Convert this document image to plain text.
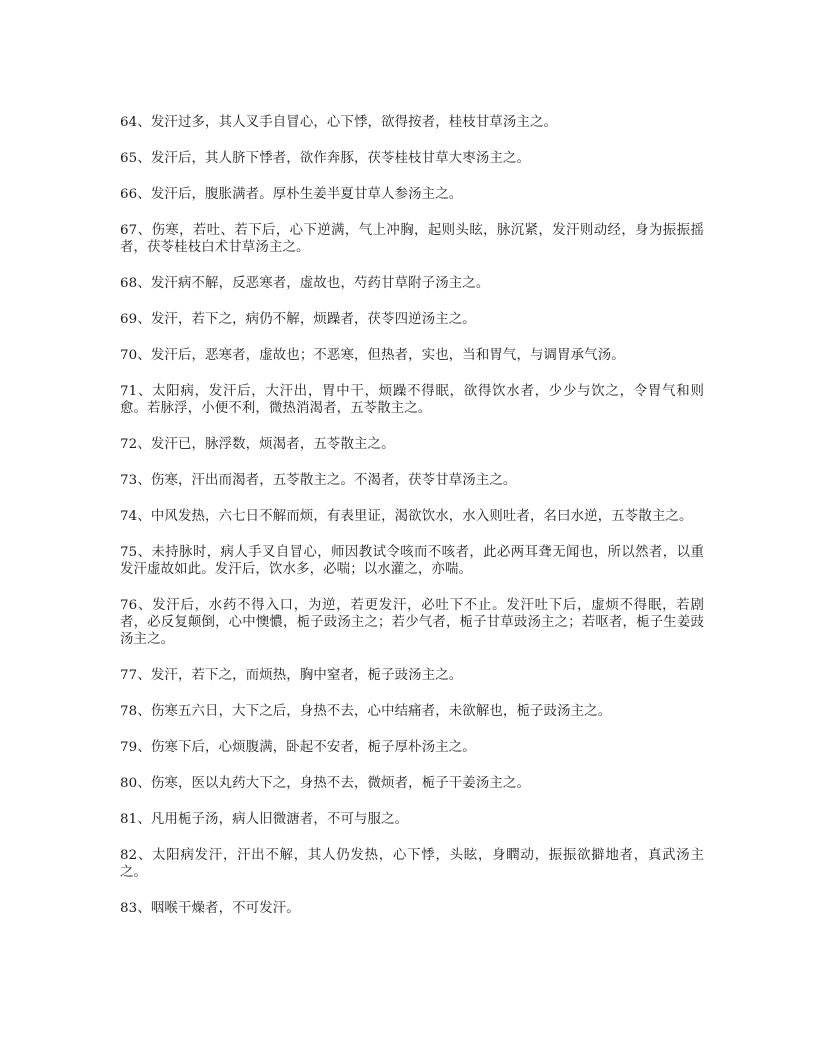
64、发汗过多，其人叉手自冒心，心下悸，欲得按者，桂枝甘草汤主之。

65、发汗后，其人脐下悸者，欲作奔豚，茯苓桂枝甘草大枣汤主之。

66、发汗后，腹胀满者。厚朴生姜半夏甘草人参汤主之。

67、伤寒，若吐、若下后，心下逆满，气上冲胸，起则头眩，脉沉紧，发汗则动经，身为振振摇者，茯苓桂枝白术甘草汤主之。

68、发汗病不解，反恶寒者，虚故也，芍药甘草附子汤主之。

69、发汗，若下之，病仍不解，烦躁者，茯苓四逆汤主之。

70、发汗后，恶寒者，虚故也；不恶寒，但热者，实也，当和胃气，与调胃承气汤。

71、太阳病，发汗后，大汗出，胃中干，烦躁不得眠，欲得饮水者，少少与饮之，令胃气和则愈。若脉浮，小便不利，微热消渴者，五苓散主之。

72、发汗已，脉浮数，烦渴者，五苓散主之。

73、伤寒，汗出而渴者，五苓散主之。不渴者，茯苓甘草汤主之。

74、中风发热，六七日不解而烦，有表里证，渴欲饮水，水入则吐者，名曰水逆，五苓散主之。

75、未持脉时，病人手叉自冒心，师因教试令咳而不咳者，此必两耳聋无闻也，所以然者，以重发汗虚故如此。发汗后，饮水多，必喘；以水灌之，亦喘。

76、发汗后，水药不得入口，为逆，若更发汗，必吐下不止。发汗吐下后，虚烦不得眠，若剧者，必反复颠倒，心中懊憹，栀子豉汤主之；若少气者，栀子甘草豉汤主之；若呕者，栀子生姜豉汤主之。

77、发汗，若下之，而烦热，胸中窒者，栀子豉汤主之。

78、伤寒五六日，大下之后，身热不去，心中结痛者，未欲解也，栀子豉汤主之。

79、伤寒下后，心烦腹满，卧起不安者，栀子厚朴汤主之。

80、伤寒，医以丸药大下之，身热不去，微烦者，栀子干姜汤主之。

81、凡用栀子汤，病人旧微溏者，不可与服之。

82、太阳病发汗，汗出不解，其人仍发热，心下悸，头眩，身瞤动，振振欲擗地者，真武汤主之。

83、咽喉干燥者，不可发汗。
